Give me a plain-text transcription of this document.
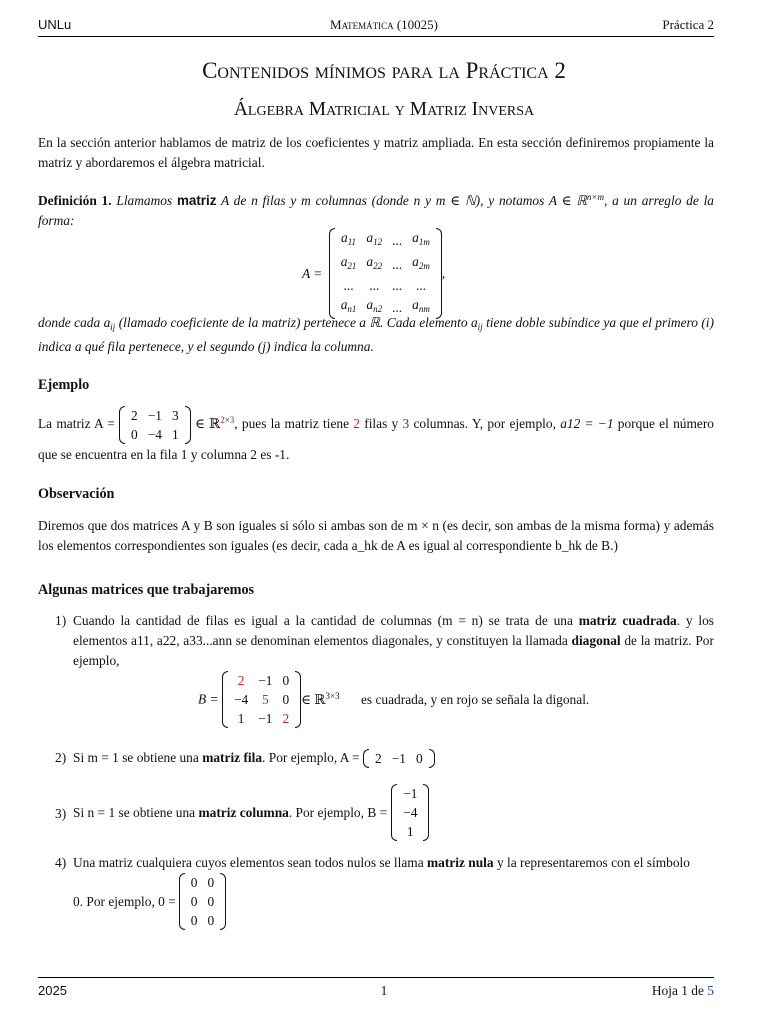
UNLu	Matemática (10025)	Práctica 2
Contenidos mínimos para la Práctica 2
Álgebra Matricial y Matriz Inversa
En la sección anterior hablamos de matriz de los coeficientes y matriz ampliada. En esta sección definiremos propiamente la matriz y abordaremos el álgebra matricial.
Definición 1. Llamamos matriz A de n filas y m columnas (donde n y m ∈ ℕ), y notamos A ∈ ℝ$^{n\times m}$, a un arreglo de la forma:
A =
$a_{11}$	$a_{12}$	...	$a_{1m}$
$a_{21}$	$a_{22}$	...	$a_{2m}$
...	...	...	...
$a_{n1}$	$a_{n2}$	...	$a_{nm}$
,
donde cada $a_{ij}$ (llamado coeficiente de la matriz) pertenece a ℝ. Cada elemento $a_{ij}$ tiene doble subíndice ya que el primero (i) indica a qué fila pertenece, y el segundo (j) indica la columna.
Ejemplo
La matriz A =
2	−1	3
0	−4	1
∈ ℝ$^{2\times 3}$, pues la matriz tiene 2 filas y 3 columnas. Y, por ejemplo, a12 = −1 porque el número que se encuentra en la fila 1 y columna 2 es -1.
Observación
Diremos que dos matrices A y B son iguales si sólo si ambas son de m × n (es decir, son ambas de la misma forma) y además los elementos correspondientes son iguales (es decir, cada a_hk de A es igual al correspondiente b_hk de B.)
Algunas matrices que trabajaremos
1) Cuando la cantidad de filas es igual a la cantidad de columnas (m = n) se trata de una matriz cuadrada. y los elementos a11, a22, a33...ann se denominan elementos diagonales, y constituyen la llamada diagonal de la matriz. Por ejemplo,
B =
2	−1	0
−4	5	0
1	−1	2
∈ ℝ$^{3\times 3}$ es cuadrada, y en rojo se señala la digonal.
2) Si m = 1 se obtiene una matriz fila. Por ejemplo, A = 2	−1	0
3) Si n = 1 se obtiene una matriz columna. Por ejemplo, B =
−1
−4
1
4) Una matriz cualquiera cuyos elementos sean todos nulos se llama matriz nula y la representaremos con el símbolo
0. Por ejemplo, 0 =
0	0
0	0
0	0
2025	1	Hoja 1 de 5
